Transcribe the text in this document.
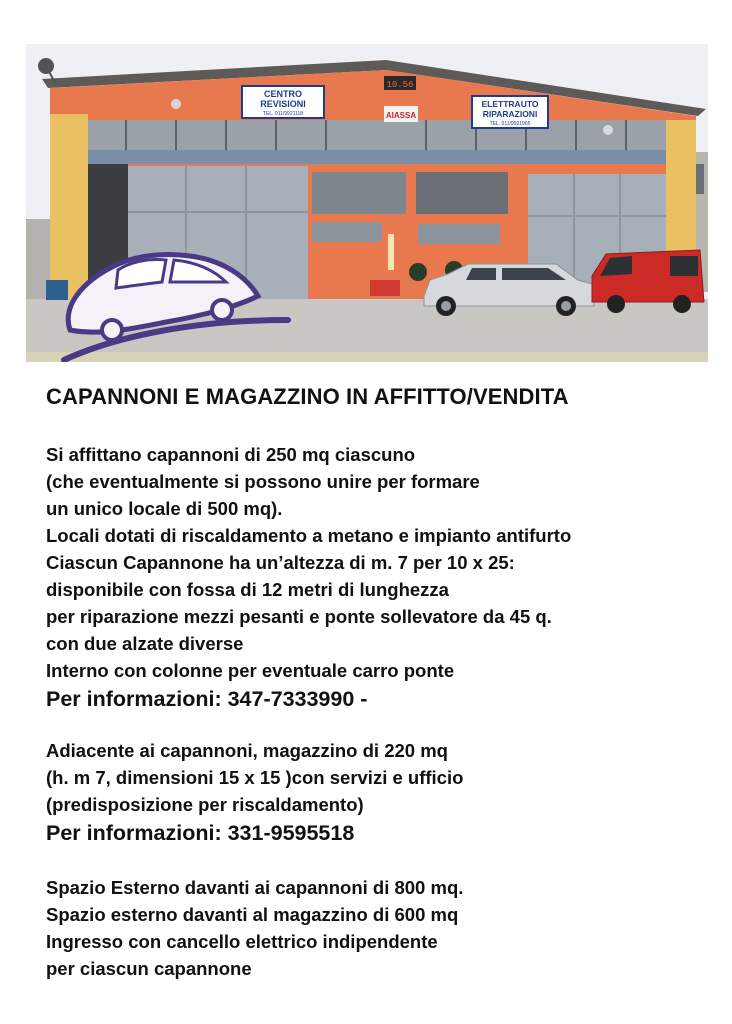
CENTRO
REVISIONI
TEL. 011/9921118
ELETTRAUTO
RIPARAZIONI
TEL. 011/9921965
AIASSA
10.56
CAPANNONI E MAGAZZINO IN AFFITTO/VENDITA
Si affittano capannoni di 250 mq ciascuno
(che eventualmente si possono unire per formare
un unico locale di 500 mq).
Locali dotati di riscaldamento a metano e impianto antifurto
Ciascun Capannone ha un’altezza di m. 7 per 10 x 25:
disponibile con fossa di 12 metri di lunghezza
per riparazione mezzi pesanti e ponte sollevatore da 45 q.
con due alzate diverse
Interno con colonne per eventuale carro ponte
Per informazioni: 347-7333990 -
Adiacente ai capannoni, magazzino di 220 mq
(h. m 7, dimensioni 15 x 15 )con servizi e ufficio
(predisposizione per riscaldamento)
Per informazioni: 331-9595518
Spazio Esterno davanti ai capannoni di 800 mq.
Spazio esterno davanti al magazzino di 600 mq
Ingresso con cancello elettrico indipendente
per ciascun capannone
